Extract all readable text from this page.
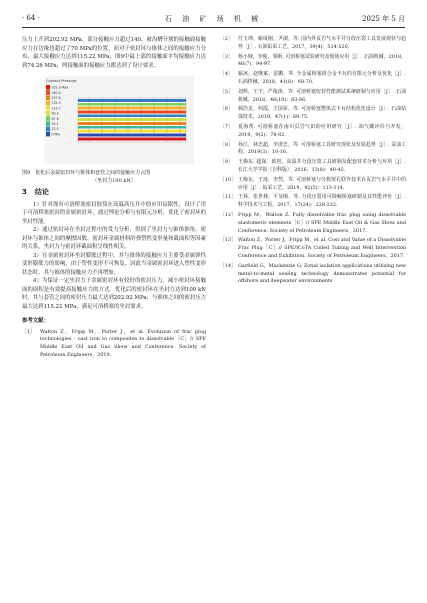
· 64 ·	石 油 矿 场 机 械	2025 年 5 月

压力上升到202.92 MPa，部分接触应力超过140，被沟槽分割的接触面接触应力在边缘也超过了70 MPa的位置。而对于密封环与锥体之间的接触应力分布，最大接触应力达到115.22 MPa，图9中最上部的接触面平均接触应力达到74.26 MPa，两接触面的接触应力都达到了设计要求。

Contact Pressure
202.9 Max
180.4
157.8
135.3
112.7
90.2
67.6
45.1
22.5
0 Min
图9　优化后金属密封环与锥体和套管之间的接触应力云图
（坐封力100 kN）
3 结论

1）针对现有可溶桥塞密封胶筒在高温高压井中的应用局限性，设计了用于可溶桥塞密封的金属密封环，通过理论分析与有限元分析，优化了密封环的坐封性能。

2）通过密封环在坐封过程中的受力分析，得到了坐封力与锥体推角、密封环与锥体之间的摩擦因数、密封环金属材料的弹塑性变形量和截面积等因素的关系，坐封力与密封环截面积呈线性相关。

3）在金属密封环坐封膨胀过程中，其与锥体的接触应力主要受金属弹性变形膨胀力的影响，由于塑性变形不可恢复，因此当金属密封环进入塑性变形状态时，其与锥体的接触应力不再增加。

4）为保证一定坐封力下金属密封环有较好的密封压力，减小密封环接触面的面积是有效提高接触应力的方式。优化后的密封环在坐封力达到100 kN时，其与套管之间的密封压力最大达到202.92 MPa，与锥体之间的密封压力最大达到115.22 MPa，满足可溶桥塞的坐封要求。

参考文献：
［1］	Walton Z，Fripp M，Porter J，et al. Evolution of frac plug technologies - cast iron to composites to dissolvable［C］// SPE Middle East Oil and Gas Show and Conference. Society of Petroleum Engineers，2019.
［2］	付玉坤，喻成刚，尹淑，等. 国内外页岩气水平井分段压裂工具发展现状与趋势［J］. 石油钻采工艺，2017，39(4)：514-520.
［3］	杨小城，李俊，邹刚. 可溶桥塞试验研究及现场应用［J］. 石油机械，2018，46(7)：94-97.
［4］	喻冰，赵继斌，雷鹏，等. 全金属桥塞镁合金卡瓦的有限元分析及优化［J］. 石油机械，2018，41(8)：68-70.
［5］	刘辉，王宇，严俊涛，等. 可溶桥塞密封性能测试系统研制与应用［J］. 石油机械，2018，46(10)：83-86.
［6］	郝浩龙，何霞，王国荣，等. 可溶桥塞整体式卡瓦结构优化设计［J］. 石油钻探技术，2019，47(1)：69-75.
［7］	夏海帮. 可溶桥塞在南川页岩气田的应用研究［J］. 油气藏评价与开发，2019，9(2)：78-82.
［8］	孙江，林忠超，李清忠，等. 可溶桥塞工具研究现状及发展趋势［J］. 采油工程，2019(3)：10-16.
［9］	王梅东. 超深、致密、高温井分段压裂工具研制及配套技术分析与应用［J］. 长江大学学报（自科版），2016，13(8)：40-45.
［10］ 王梅东，王琦，李然，等. 可溶桥塞与分簇射孔联作技术在页岩气水平井中的应用［J］. 钻采工艺，2019，42(5)：113-114.
［11］ 王林，张世林，平显刚，等. 分段压裂用可降解桥塞研制及其性能评价［J］. 科学技术与工程，2017，17(24)：228-232.
［12］ Fripp M，Walton Z. Fully dissolvable frac plug using dissolvable elastomeric elements［C］// SPE Middle East Oil & Gas Show and Conference. Society of Petroleum Engineers，2017.
［13］ Walton Z，Porter J，Fripp M，et al. Cost and Value of a Dissolvable Frac Plug［C］// SPE/ICoTA Coiled Tubing and Well Intervention Conference and Exhibition. Society of Petroleum Engineers，2017.
［14］ Garfield G，Mackenzie G. Zonal isolation applications utilizing new metal-to-metal sealing technology demonstrates potential for offshore and deepwater environments
